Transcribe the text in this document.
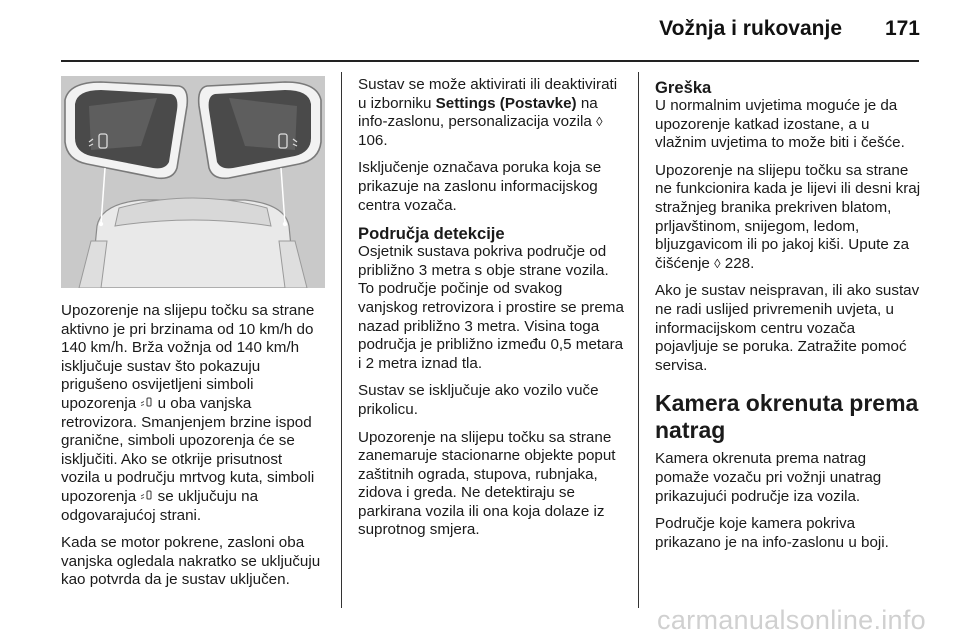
Vožnja i rukovanje 171

Upozorenje na slijepu točku sa strane aktivno je pri brzinama od 10 km/h do 140 km/h. Brža vožnja od 140 km/h isključuje sustav što pokazuju prigušeno osvijetljeni simboli upozorenja  u oba vanjska retrovizora. Smanjenjem brzine ispod granične, simboli upozorenja će se isključiti. Ako se otkrije prisutnost vozila u području mrtvog kuta, simboli upozorenja  se uključuju na odgovarajućoj strani.

Kada se motor pokrene, zasloni oba vanjska ogledala nakratko se uključuju kao potvrda da je sustav uključen.

Sustav se može aktivirati ili deaktivirati u izborniku Settings (Postavke) na info-zaslonu, personalizacija vozila ◊ 106.

Isključenje označava poruka koja se prikazuje na zaslonu informacijskog centra vozača.

Područja detekcije

Osjetnik sustava pokriva područje od približno 3 metra s obje strane vozila. To područje počinje od svakog vanjskog retrovizora i prostire se prema nazad približno 3 metra. Visina toga područja je približno između 0,5 metara i 2 metra iznad tla.

Sustav se isključuje ako vozilo vuče prikolicu.

Upozorenje na slijepu točku sa strane zanemaruje stacionarne objekte poput zaštitnih ograda, stupova, rubnjaka, zidova i greda. Ne detektiraju se parkirana vozila ili ona koja dolaze iz suprotnog smjera.

Greška

U normalnim uvjetima moguće je da upozorenje katkad izostane, a u vlažnim uvjetima to može biti i češće.

Upozorenje na slijepu točku sa strane ne funkcionira kada je lijevi ili desni kraj stražnjeg branika prekriven blatom, prljavštinom, snijegom, ledom, bljuzgavicom ili po jakoj kiši. Upute za čišćenje ◊ 228.

Ako je sustav neispravan, ili ako sustav ne radi uslijed privremenih uvjeta, u informacijskom centru vozača pojavljuje se poruka. Zatražite pomoć servisa.

Kamera okrenuta prema natrag

Kamera okrenuta prema natrag pomaže vozaču pri vožnji unatrag prikazujući područje iza vozila.

Područje koje kamera pokriva prikazano je na info-zaslonu u boji.

carmanualsonline.info
